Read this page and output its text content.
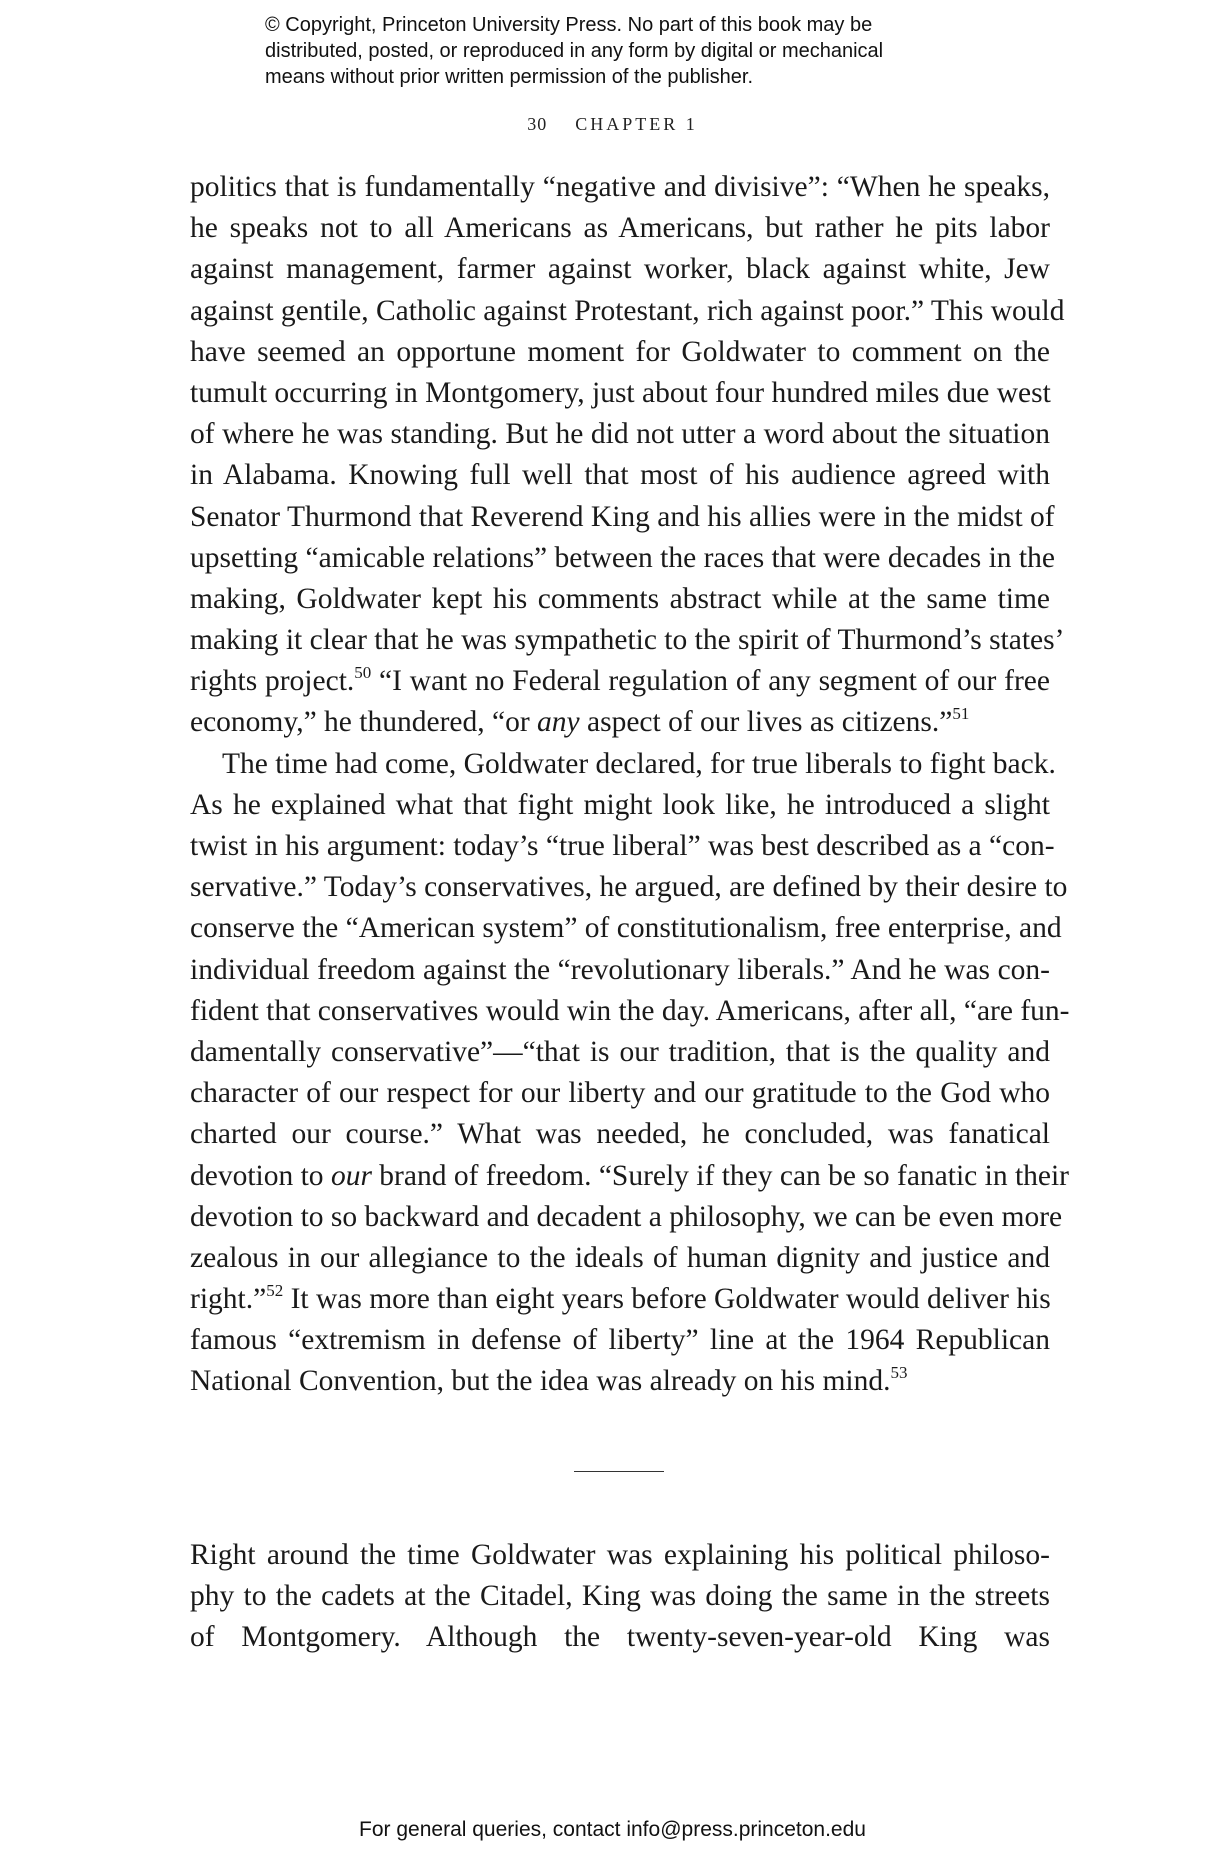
© Copyright, Princeton University Press. No part of this book may be
distributed, posted, or reproduced in any form by digital or mechanical
means without prior written permission of the publisher.
30 CHAPTER 1
politics that is fundamentally “negative and divisive”: “When he speaks,
he speaks not to all Americans as Americans, but rather he pits labor
against management, farmer against worker, black against white, Jew
against gentile, Catholic against Protestant, rich against poor.” This would
have seemed an opportune moment for Goldwater to comment on the
tumult occurring in Montgomery, just about four hundred miles due west
of where he was standing. But he did not utter a word about the situation
in Alabama. Knowing full well that most of his audience agreed with
Senator Thurmond that Reverend King and his allies were in the midst of
upsetting “amicable relations” between the races that were decades in the
making, Goldwater kept his comments abstract while at the same time
making it clear that he was sympathetic to the spirit of Thurmond’s states’
rights project.$^{50}$ “I want no Federal regulation of any segment of our free
economy,” he thundered, “or any aspect of our lives as citizens.”$^{51}$
The time had come, Goldwater declared, for true liberals to fight back.
As he explained what that fight might look like, he introduced a slight
twist in his argument: today’s “true liberal” was best described as a “con-
servative.” Today’s conservatives, he argued, are defined by their desire to
conserve the “American system” of constitutionalism, free enterprise, and
individual freedom against the “revolutionary liberals.” And he was con-
fident that conservatives would win the day. Americans, after all, “are fun-
damentally conservative”—“that is our tradition, that is the quality and
character of our respect for our liberty and our gratitude to the God who
charted our course.” What was needed, he concluded, was fanatical
devotion to our brand of freedom. “Surely if they can be so fanatic in their
devotion to so backward and decadent a philosophy, we can be even more
zealous in our allegiance to the ideals of human dignity and justice and
right.”$^{52}$ It was more than eight years before Goldwater would deliver his
famous “extremism in defense of liberty” line at the 1964 Republican
National Convention, but the idea was already on his mind.$^{53}$
Right around the time Goldwater was explaining his political philoso-
phy to the cadets at the Citadel, King was doing the same in the streets
of Montgomery. Although the twenty-seven-year-old King was
For general queries, contact info@press.princeton.edu
